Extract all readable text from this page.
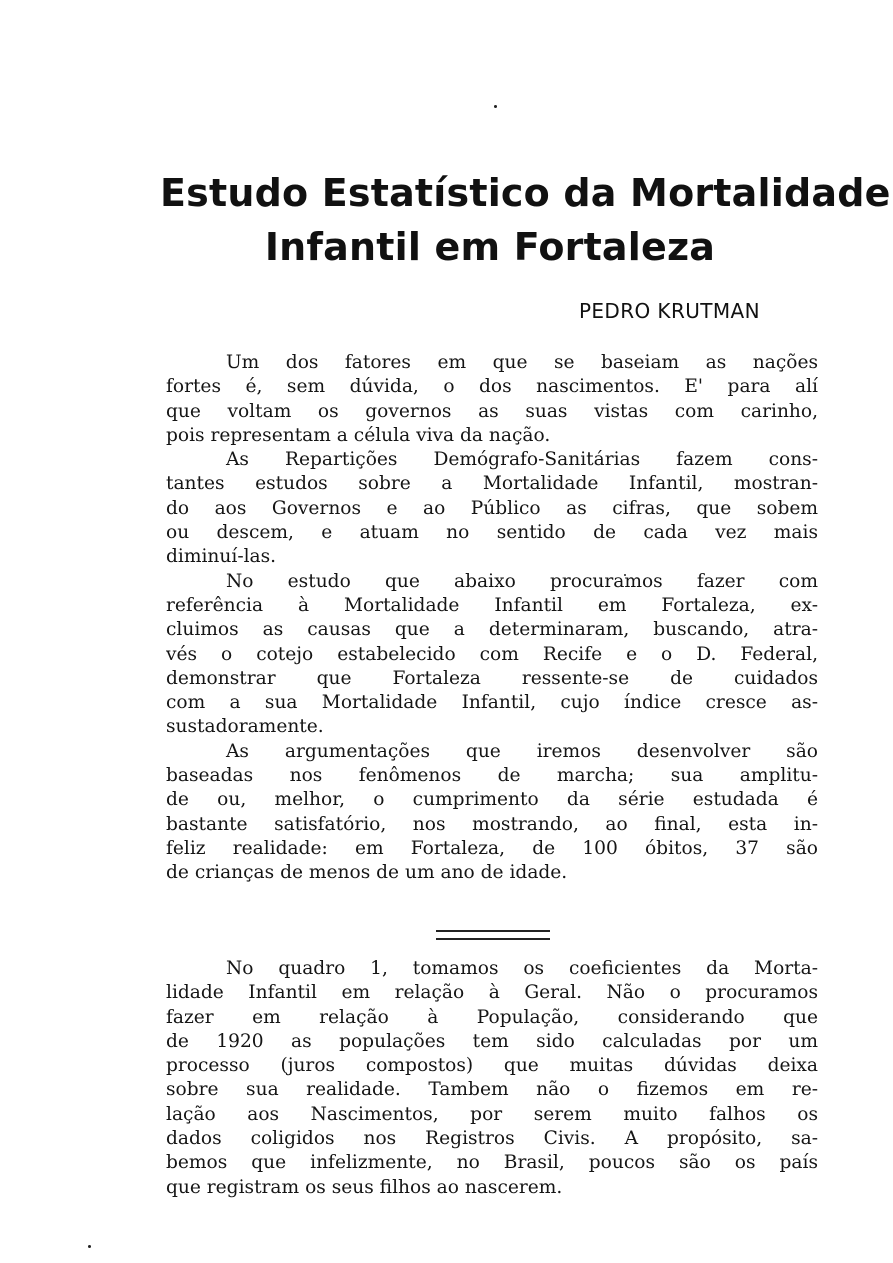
Estudo Estatístico da Mortalidade
Infantil em Fortaleza
PEDRO KRUTMAN
Um dos fatores em que se baseiam as nações
fortes é, sem dúvida, o dos nascimentos. E' para alí
que voltam os governos as suas vistas com carinho,
pois representam a célula viva da nação.
As Repartições Demógrafo-Sanitárias fazem cons-
tantes estudos sobre a Mortalidade Infantil, mostran-
do aos Governos e ao Público as cifras, que sobem
ou descem, e atuam no sentido de cada vez mais
diminuí-las.
No estudo que abaixo procuramos fazer com
referência à Mortalidade Infantil em Fortaleza, ex-
cluimos as causas que a determinaram, buscando, atra-
vés o cotejo estabelecido com Recife e o D. Federal,
demonstrar que Fortaleza ressente-se de cuidados
com a sua Mortalidade Infantil, cujo índice cresce as-
sustadoramente.
As argumentações que iremos desenvolver são
baseadas nos fenômenos de marcha; sua amplitu-
de ou, melhor, o cumprimento da série estudada é
bastante satisfatório, nos mostrando, ao final, esta in-
feliz realidade: em Fortaleza, de 100 óbitos, 37 são
de crianças de menos de um ano de idade.
No quadro 1, tomamos os coeficientes da Morta-
lidade Infantil em relação à Geral. Não o procuramos
fazer em relação à População, considerando que
de 1920 as populações tem sido calculadas por um
processo (juros compostos) que muitas dúvidas deixa
sobre sua realidade. Tambem não o fizemos em re-
lação aos Nascimentos, por serem muito falhos os
dados coligidos nos Registros Civis. A propósito, sa-
bemos que infelizmente, no Brasil, poucos são os país
que registram os seus filhos ao nascerem.
